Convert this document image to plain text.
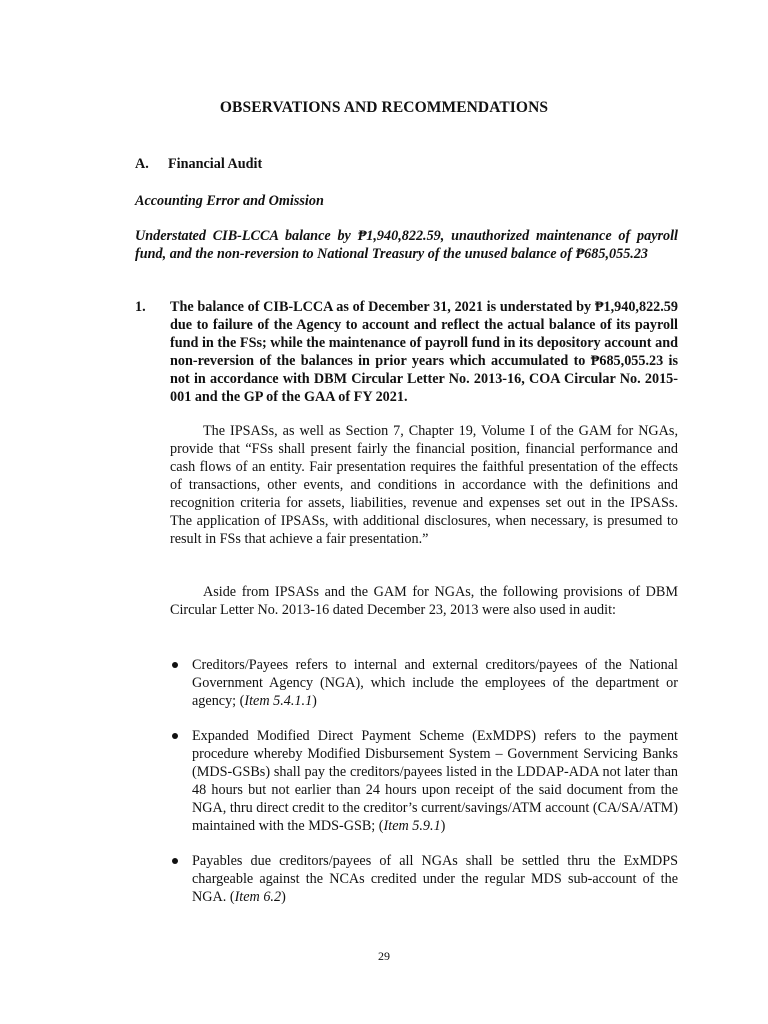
OBSERVATIONS AND RECOMMENDATIONS
A. Financial Audit
Accounting Error and Omission
Understated CIB-LCCA balance by ₱1,940,822.59, unauthorized maintenance of payroll fund, and the non-reversion to National Treasury of the unused balance of ₱685,055.23
1. The balance of CIB-LCCA as of December 31, 2021 is understated by ₱1,940,822.59 due to failure of the Agency to account and reflect the actual balance of its payroll fund in the FSs; while the maintenance of payroll fund in its depository account and non-reversion of the balances in prior years which accumulated to ₱685,055.23 is not in accordance with DBM Circular Letter No. 2013-16, COA Circular No. 2015-001 and the GP of the GAA of FY 2021.
The IPSASs, as well as Section 7, Chapter 19, Volume I of the GAM for NGAs, provide that “FSs shall present fairly the financial position, financial performance and cash flows of an entity. Fair presentation requires the faithful presentation of the effects of transactions, other events, and conditions in accordance with the definitions and recognition criteria for assets, liabilities, revenue and expenses set out in the IPSASs. The application of IPSASs, with additional disclosures, when necessary, is presumed to result in FSs that achieve a fair presentation.”
Aside from IPSASs and the GAM for NGAs, the following provisions of DBM Circular Letter No. 2013-16 dated December 23, 2013 were also used in audit:
Creditors/Payees refers to internal and external creditors/payees of the National Government Agency (NGA), which include the employees of the department or agency; (Item 5.4.1.1)
Expanded Modified Direct Payment Scheme (ExMDPS) refers to the payment procedure whereby Modified Disbursement System – Government Servicing Banks (MDS-GSBs) shall pay the creditors/payees listed in the LDDAP-ADA not later than 48 hours but not earlier than 24 hours upon receipt of the said document from the NGA, thru direct credit to the creditor’s current/savings/ATM account (CA/SA/ATM) maintained with the MDS-GSB; (Item 5.9.1)
Payables due creditors/payees of all NGAs shall be settled thru the ExMDPS chargeable against the NCAs credited under the regular MDS sub-account of the NGA. (Item 6.2)
29
